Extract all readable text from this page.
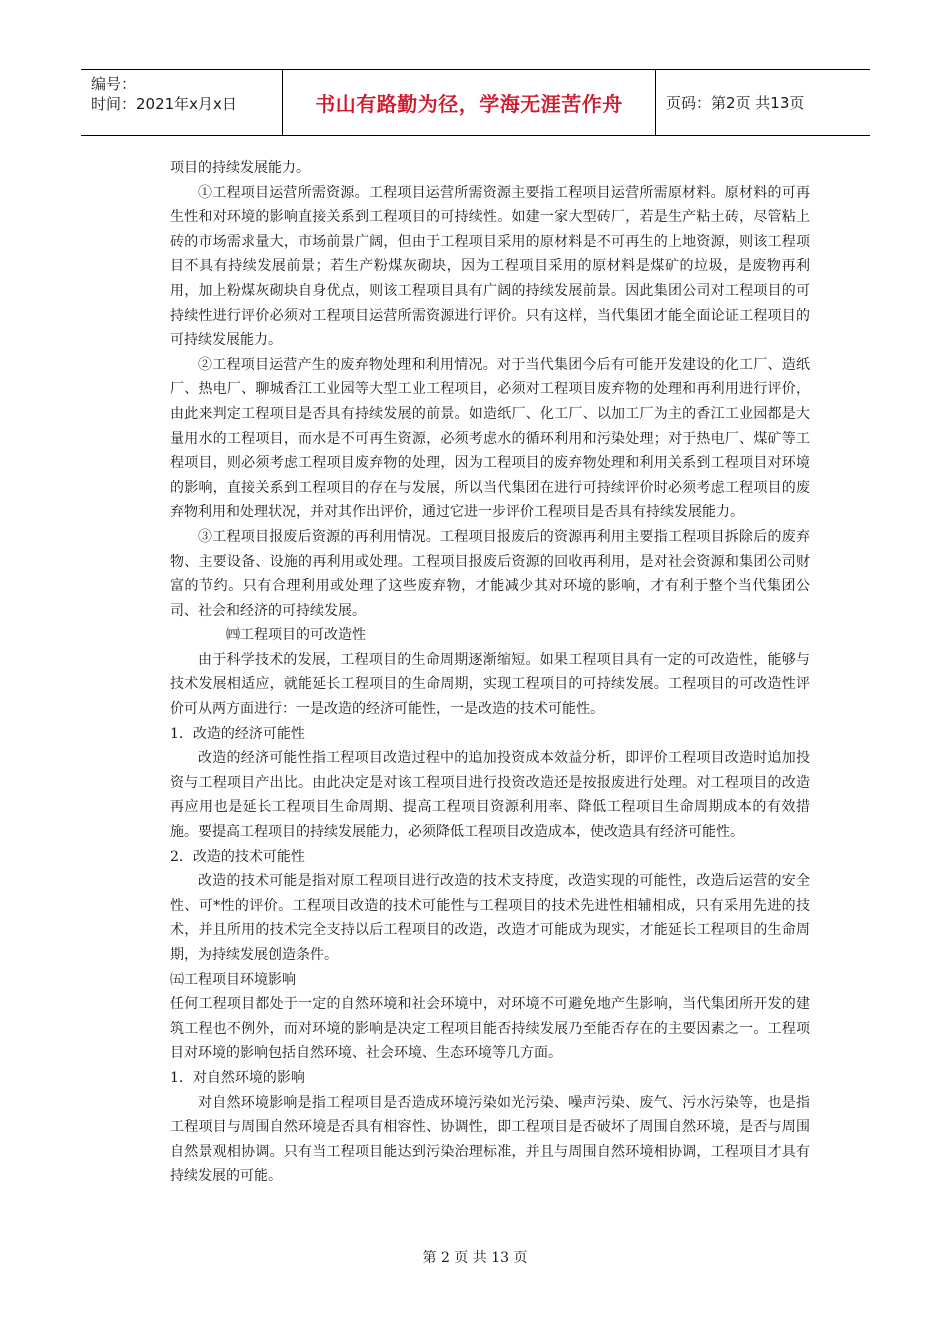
编号：
时间：2021年x月x日	书山有路勤为径，学海无涯苦作舟	页码：第2页 共13页

项目的持续发展能力。

①工程项目运营所需资源。工程项目运营所需资源主要指工程项目运营所需原材料。原材料的可再生性和对环境的影响直接关系到工程项目的可持续性。如建一家大型砖厂，若是生产粘土砖，尽管粘上砖的市场需求量大，市场前景广阔，但由于工程项目采用的原材料是不可再生的上地资源，则该工程项目不具有持续发展前景；若生产粉煤灰砌块，因为工程项目采用的原材料是煤矿的垃圾，是废物再利用，加上粉煤灰砌块自身优点，则该工程项目具有广阔的持续发展前景。因此集团公司对工程项目的可持续性进行评价必须对工程项目运营所需资源进行评价。只有这样，当代集团才能全面论证工程项目的可持续发展能力。

②工程项目运营产生的废弃物处理和利用情况。对于当代集团今后有可能开发建设的化工厂、造纸厂、热电厂、聊城香江工业园等大型工业工程项目，必须对工程项目废弃物的处理和再利用进行评价，由此来判定工程项目是否具有持续发展的前景。如造纸厂、化工厂、以加工厂为主的香江工业园都是大量用水的工程项目，而水是不可再生资源，必须考虑水的循环利用和污染处理；对于热电厂、煤矿等工程项目，则必须考虑工程项目废弃物的处理，因为工程项目的废弃物处理和利用关系到工程项目对环境的影响，直接关系到工程项目的存在与发展，所以当代集团在进行可持续评价时必须考虑工程项目的废弃物利用和处理状况，并对其作出评价，通过它进一步评价工程项目是否具有持续发展能力。

③工程项目报废后资源的再利用情况。工程项目报废后的资源再利用主要指工程项目拆除后的废弃物、主要设备、设施的再利用或处理。工程项目报废后资源的回收再利用，是对社会资源和集团公司财富的节约。只有合理利用或处理了这些废弃物，才能减少其对环境的影响，才有利于整个当代集团公司、社会和经济的可持续发展。

㈣工程项目的可改造性

由于科学技术的发展，工程项目的生命周期逐渐缩短。如果工程项目具有一定的可改造性，能够与技术发展相适应，就能延长工程项目的生命周期，实现工程项目的可持续发展。工程项目的可改造性评价可从两方面进行：一是改造的经济可能性，一是改造的技术可能性。

1．改造的经济可能性

改造的经济可能性指工程项目改造过程中的追加投资成本效益分析，即评价工程项目改造时追加投资与工程项目产出比。由此决定是对该工程项目进行投资改造还是按报废进行处理。对工程项目的改造再应用也是延长工程项目生命周期、提高工程项目资源利用率、降低工程项目生命周期成本的有效措施。要提高工程项目的持续发展能力，必须降低工程项目改造成本，使改造具有经济可能性。

2．改造的技术可能性

改造的技术可能是指对原工程项目进行改造的技术支持度，改造实现的可能性，改造后运营的安全性、可*性的评价。工程项目改造的技术可能性与工程项目的技术先进性相辅相成，只有采用先进的技术，并且所用的技术完全支持以后工程项目的改造，改造才可能成为现实，才能延长工程项目的生命周期，为持续发展创造条件。

㈤工程项目环境影响

任何工程项目都处于一定的自然环境和社会环境中，对环境不可避免地产生影响，当代集团所开发的建筑工程也不例外，而对环境的影响是决定工程项目能否持续发展乃至能否存在的主要因素之一。工程项目对环境的影响包括自然环境、社会环境、生态环境等几方面。

1．对自然环境的影响

对自然环境影响是指工程项目是否造成环境污染如光污染、噪声污染、废气、污水污染等，也是指工程项目与周围自然环境是否具有相容性、协调性，即工程项目是否破坏了周围自然环境，是否与周围自然景观相协调。只有当工程项目能达到污染治理标准，并且与周围自然环境相协调，工程项目才具有持续发展的可能。

第 2 页 共 13 页
